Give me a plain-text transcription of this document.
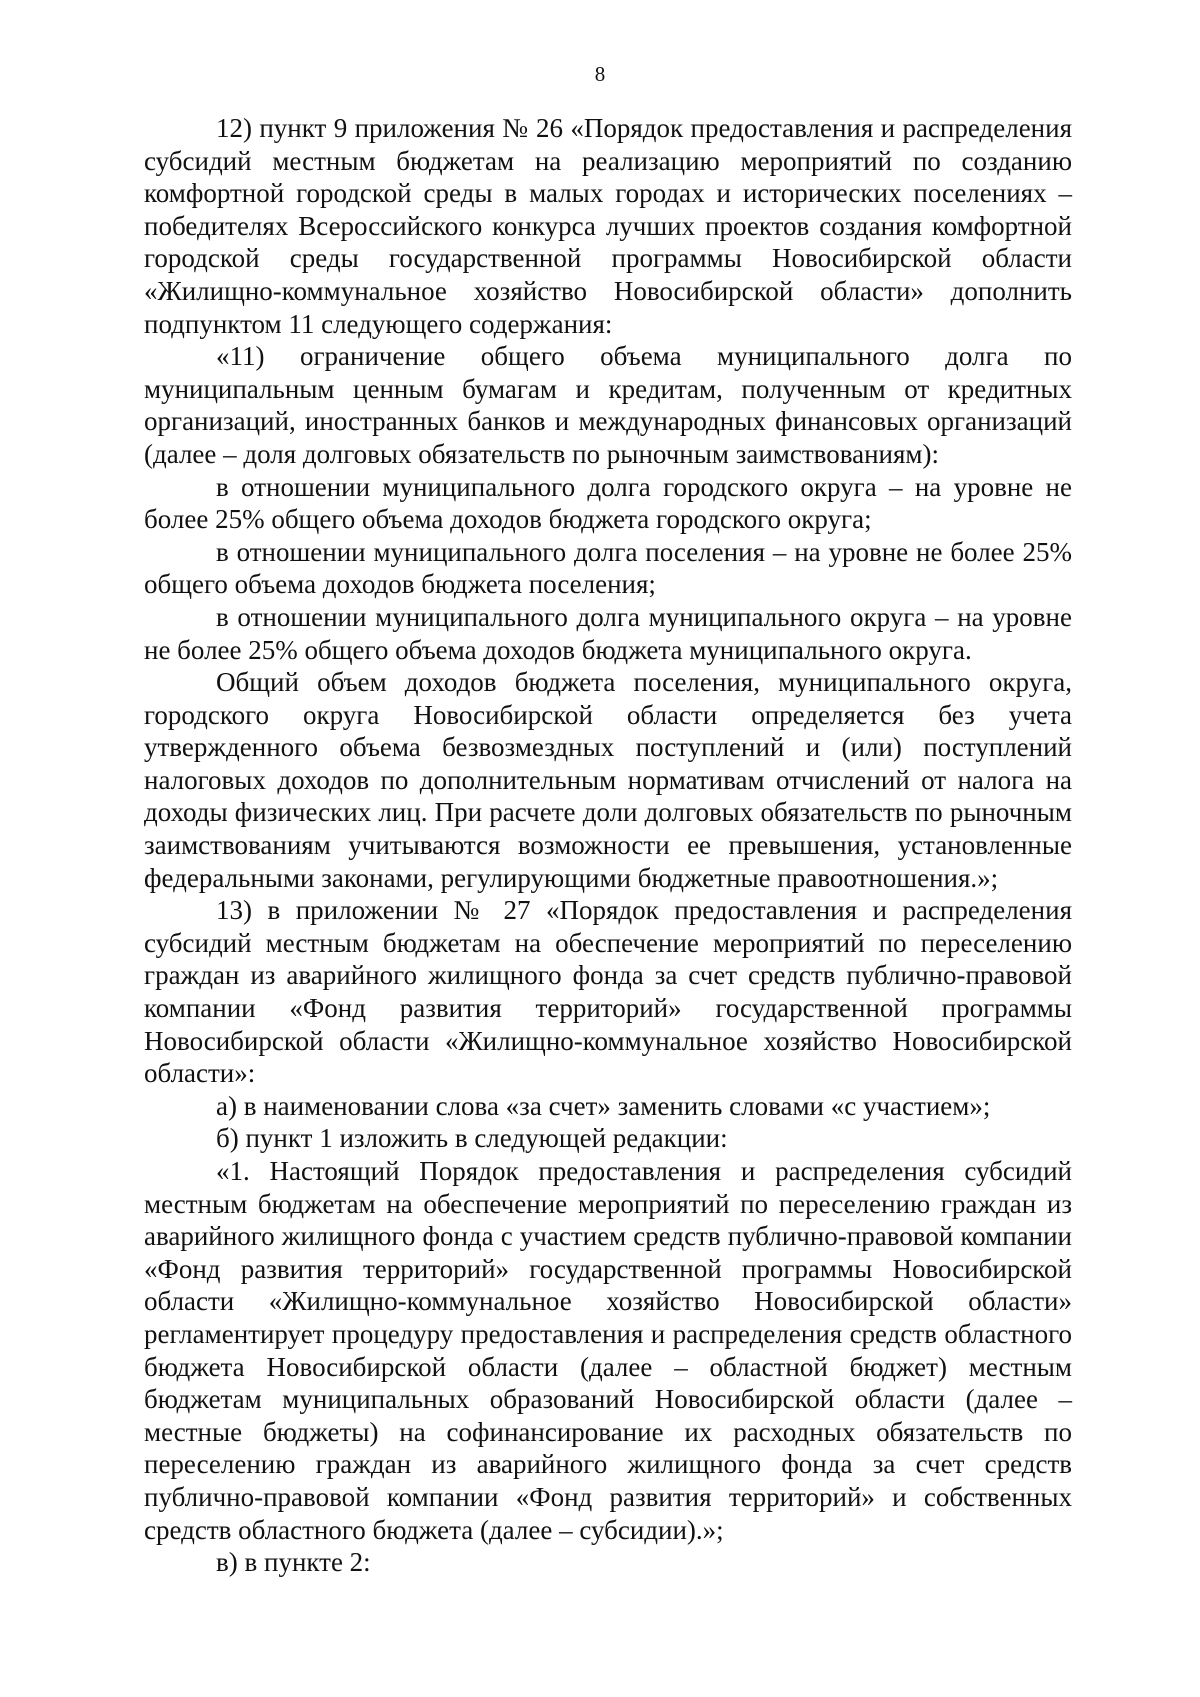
8

12) пункт 9 приложения № 26 «Порядок предоставления и распределения субсидий местным бюджетам на реализацию мероприятий по созданию комфортной городской среды в малых городах и исторических поселениях – победителях Всероссийского конкурса лучших проектов создания комфортной городской среды государственной программы Новосибирской области «Жилищно-коммунальное хозяйство Новосибирской области» дополнить подпунктом 11 следующего содержания:

«11) ограничение общего объема муниципального долга по муниципальным ценным бумагам и кредитам, полученным от кредитных организаций, иностранных банков и международных финансовых организаций (далее – доля долговых обязательств по рыночным заимствованиям):

в отношении муниципального долга городского округа – на уровне не более 25% общего объема доходов бюджета городского округа;

в отношении муниципального долга поселения – на уровне не более 25% общего объема доходов бюджета поселения;

в отношении муниципального долга муниципального округа – на уровне не более 25% общего объема доходов бюджета муниципального округа.

Общий объем доходов бюджета поселения, муниципального округа, городского округа Новосибирской области определяется без учета утвержденного объема безвозмездных поступлений и (или) поступлений налоговых доходов по дополнительным нормативам отчислений от налога на доходы физических лиц. При расчете доли долговых обязательств по рыночным заимствованиям учитываются возможности ее превышения, установленные федеральными законами, регулирующими бюджетные правоотношения.»;

13) в приложении № 27 «Порядок предоставления и распределения субсидий местным бюджетам на обеспечение мероприятий по переселению граждан из аварийного жилищного фонда за счет средств публично-правовой компании «Фонд развития территорий» государственной программы Новосибирской области «Жилищно-коммунальное хозяйство Новосибирской области»:

а) в наименовании слова «за счет» заменить словами «с участием»;

б) пункт 1 изложить в следующей редакции:

«1. Настоящий Порядок предоставления и распределения субсидий местным бюджетам на обеспечение мероприятий по переселению граждан из аварийного жилищного фонда с участием средств публично-правовой компании «Фонд развития территорий» государственной программы Новосибирской области «Жилищно-коммунальное хозяйство Новосибирской области» регламентирует процедуру предоставления и распределения средств областного бюджета Новосибирской области (далее – областной бюджет) местным бюджетам муниципальных образований Новосибирской области (далее – местные бюджеты) на софинансирование их расходных обязательств по переселению граждан из аварийного жилищного фонда за счет средств публично-правовой компании «Фонд развития территорий» и собственных средств областного бюджета (далее – субсидии).»;

в) в пункте 2:
